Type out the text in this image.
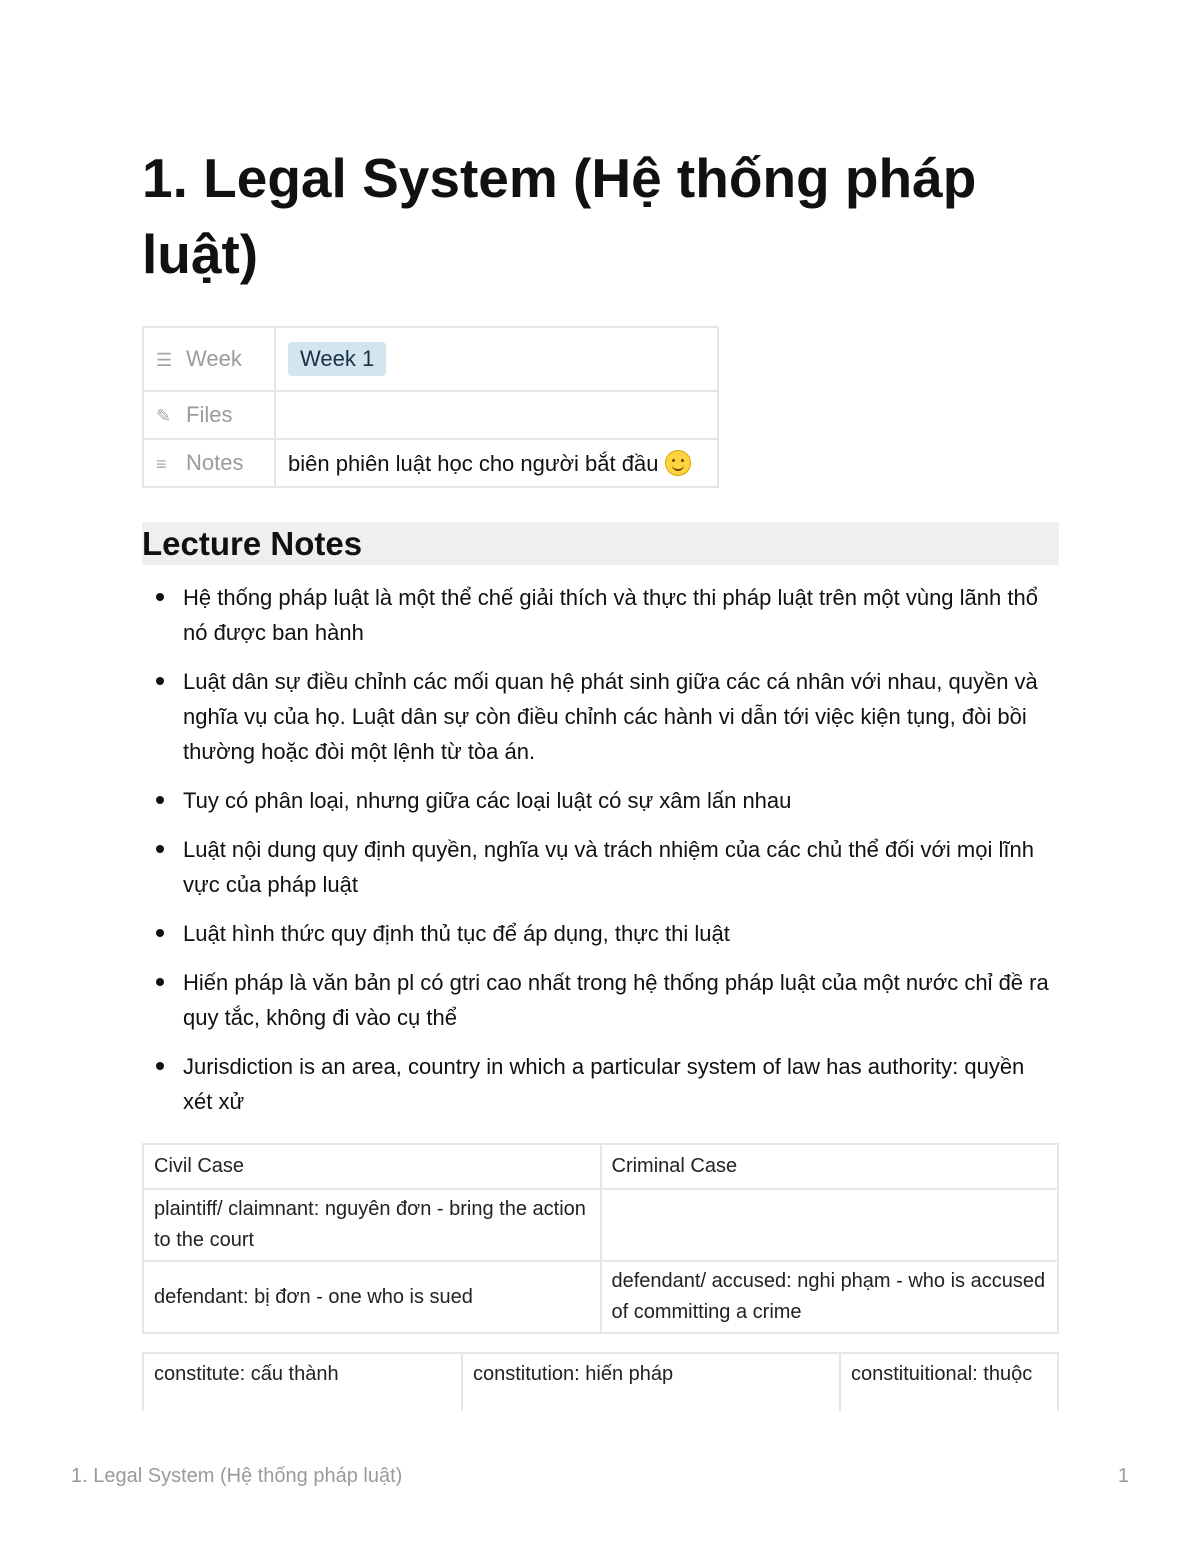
1. Legal System (Hệ thống pháp luật)
☰ Week	Week 1
✎ Files	
≡ Notes	biên phiên luật học cho người bắt đầu
Lecture Notes
Hệ thống pháp luật là một thể chế giải thích và thực thi pháp luật trên một vùng lãnh thổ nó được ban hành
Luật dân sự điều chỉnh các mối quan hệ phát sinh giữa các cá nhân với nhau, quyền và nghĩa vụ của họ. Luật dân sự còn điều chỉnh các hành vi dẫn tới việc kiện tụng, đòi bồi thường hoặc đòi một lệnh từ tòa án.
Tuy có phân loại, nhưng giữa các loại luật có sự xâm lấn nhau
Luật nội dung quy định quyền, nghĩa vụ và trách nhiệm của các chủ thể đối với mọi lĩnh vực của pháp luật
Luật hình thức quy định thủ tục để áp dụng, thực thi luật
Hiến pháp là văn bản pl có gtri cao nhất trong hệ thống pháp luật của một nước chỉ đề ra quy tắc, không đi vào cụ thể
Jurisdiction is an area, country in which a particular system of law has authority: quyền xét xử
Civil Case	Criminal Case
plaintiff/ claimnant: nguyên đơn - bring the action to the court	
defendant: bị đơn - one who is sued	defendant/ accused: nghi phạm - who is accused of committing a crime
constitute: cấu thành	constitution: hiến pháp	constituitional: thuộc
1. Legal System (Hệ thống pháp luật)	1
